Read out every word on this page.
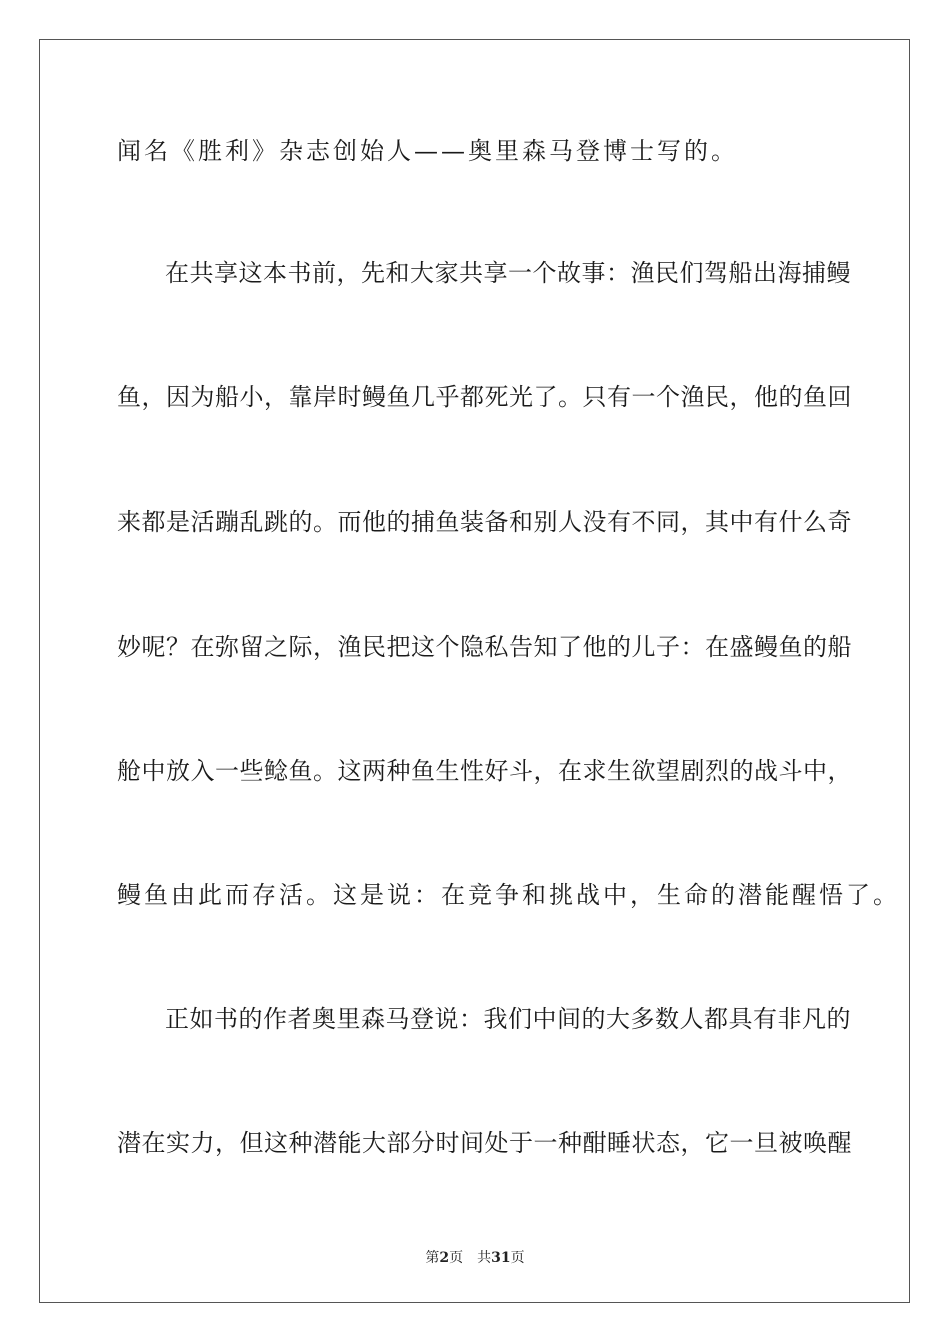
闻名《胜利》杂志创始人——奥里森马登博士写的。
在共享这本书前，先和大家共享一个故事：渔民们驾船出海捕鳗
鱼，因为船小，靠岸时鳗鱼几乎都死光了。只有一个渔民，他的鱼回
来都是活蹦乱跳的。而他的捕鱼装备和别人没有不同，其中有什么奇
妙呢？在弥留之际，渔民把这个隐私告知了他的儿子：在盛鳗鱼的船
舱中放入一些鲶鱼。这两种鱼生性好斗，在求生欲望剧烈的战斗中，
鳗鱼由此而存活。这是说：在竞争和挑战中，生命的潜能醒悟了。
正如书的作者奥里森马登说：我们中间的大多数人都具有非凡的
潜在实力，但这种潜能大部分时间处于一种酣睡状态，它一旦被唤醒
第2页 共31页
